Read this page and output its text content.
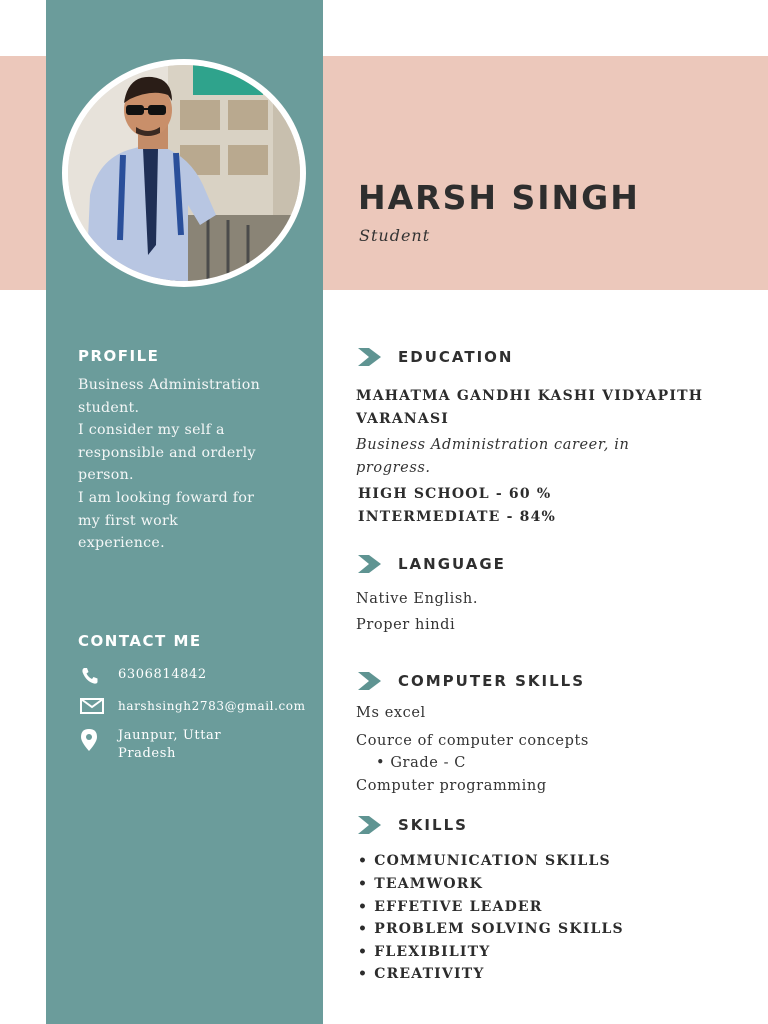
HARSH SINGH
Student
PROFILE
Business Administration
student.
I consider my self a
responsible and orderly
person.
I am looking foward for
my first work
experience.
CONTACT ME
6306814842
harshsingh2783@gmail.com
Jaunpur, Uttar
Pradesh
EDUCATION
MAHATMA GANDHI KASHI VIDYAPITH
VARANASI
Business Administration career, in
progress.
HIGH SCHOOL - 60 %
INTERMEDIATE - 84%
LANGUAGE
Native English.
Proper hindi
COMPUTER SKILLS
Ms excel
Cource of computer concepts
• Grade - C
Computer programming
SKILLS
• COMMUNICATION SKILLS
• TEAMWORK
• EFFETIVE LEADER
• PROBLEM SOLVING SKILLS
• FLEXIBILITY
• CREATIVITY
